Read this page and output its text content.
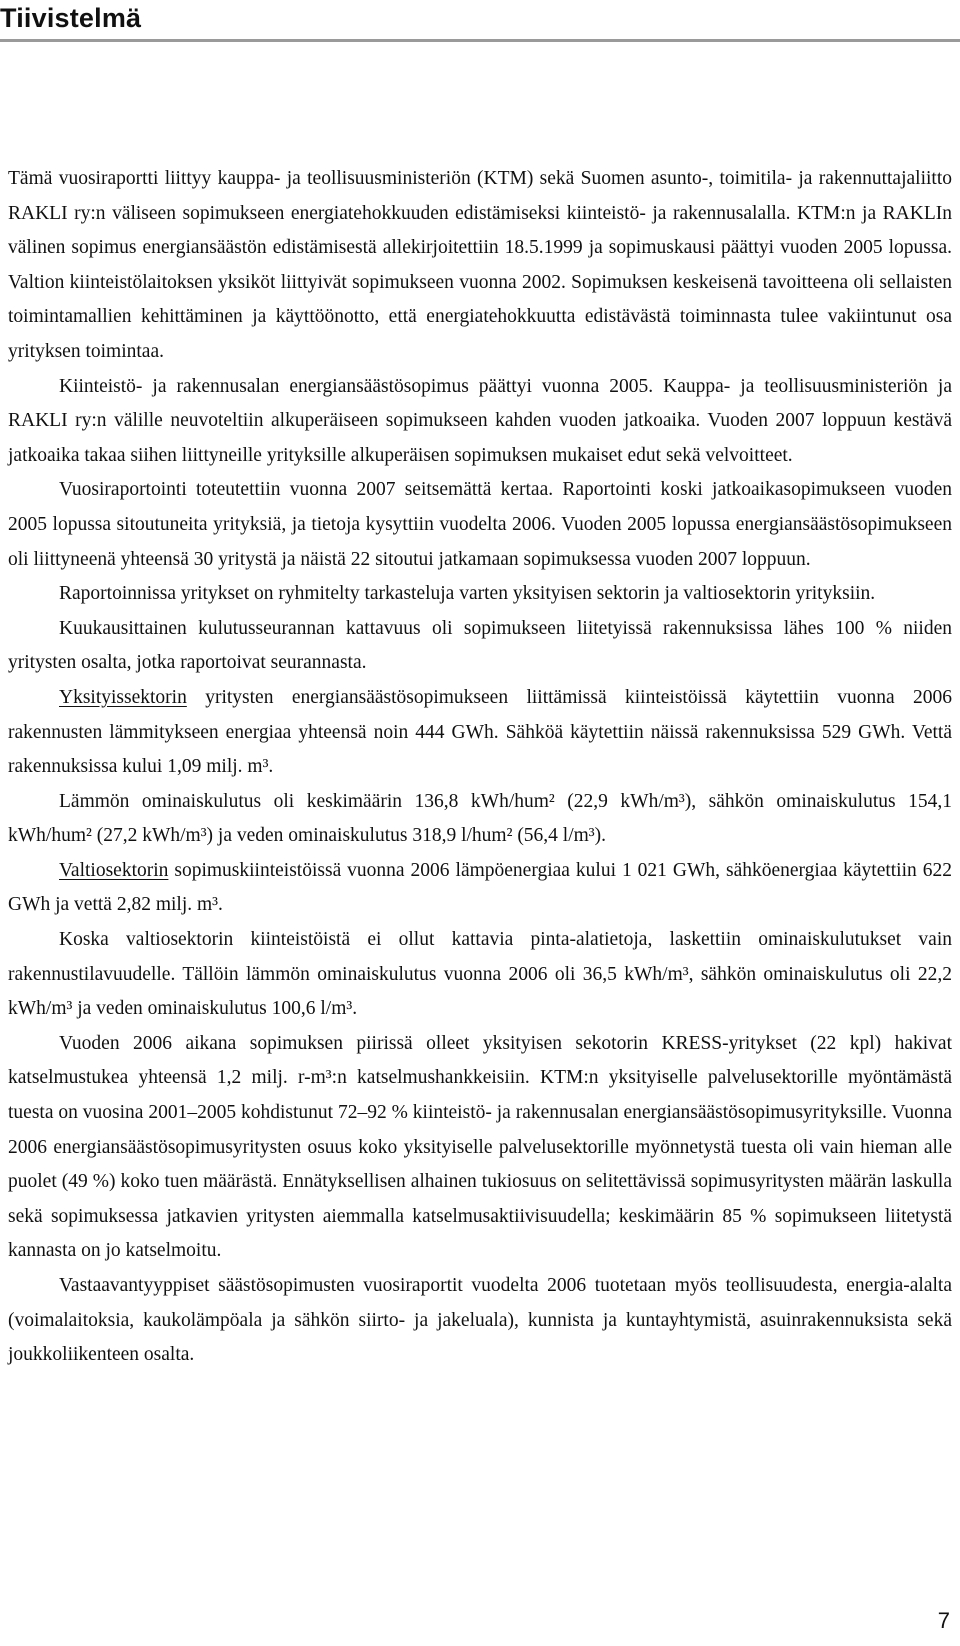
Tiivistelmä

Tämä vuosiraportti liittyy kauppa- ja teollisuusministeriön (KTM) sekä Suomen asunto-, toimitila- ja rakennuttajaliitto RAKLI ry:n väliseen sopimukseen energiatehokkuuden edistämiseksi kiinteistö- ja rakennusalalla. KTM:n ja RAKLIn välinen sopimus energiansäästön edistämisestä allekirjoitettiin 18.5.1999 ja sopimuskausi päättyi vuoden 2005 lopussa. Valtion kiinteistölaitoksen yksiköt liittyivät sopimukseen vuonna 2002. Sopimuksen keskeisenä tavoitteena oli sellaisten toimintamallien kehittäminen ja käyttöönotto, että energiatehokkuutta edistävästä toiminnasta tulee vakiintunut osa yrityksen toimintaa.

Kiinteistö- ja rakennusalan energiansäästösopimus päättyi vuonna 2005. Kauppa- ja teollisuusministeriön ja RAKLI ry:n välille neuvoteltiin alkuperäiseen sopimukseen kahden vuoden jatkoaika. Vuoden 2007 loppuun kestävä jatkoaika takaa siihen liittyneille yrityksille alkuperäisen sopimuksen mukaiset edut sekä velvoitteet.

Vuosiraportointi toteutettiin vuonna 2007 seitsemättä kertaa. Raportointi koski jatkoaikasopimukseen vuoden 2005 lopussa sitoutuneita yrityksiä, ja tietoja kysyttiin vuodelta 2006. Vuoden 2005 lopussa energiansäästösopimukseen oli liittyneenä yhteensä 30 yritystä ja näistä 22 sitoutui jatkamaan sopimuksessa vuoden 2007 loppuun.

Raportoinnissa yritykset on ryhmitelty tarkasteluja varten yksityisen sektorin ja valtiosektorin yrityksiin.

Kuukausittainen kulutusseurannan kattavuus oli sopimukseen liitetyissä rakennuksissa lähes 100 % niiden yritysten osalta, jotka raportoivat seurannasta.

Yksityissektorin yritysten energiansäästösopimukseen liittämissä kiinteistöissä käytettiin vuonna 2006 rakennusten lämmitykseen energiaa yhteensä noin 444 GWh. Sähköä käytettiin näissä rakennuksissa 529 GWh. Vettä rakennuksissa kului 1,09 milj. m³.

Lämmön ominaiskulutus oli keskimäärin 136,8 kWh/hum² (22,9 kWh/m³), sähkön ominaiskulutus 154,1 kWh/hum² (27,2 kWh/m³) ja veden ominaiskulutus 318,9 l/hum² (56,4 l/m³).

Valtiosektorin sopimuskiinteistöissä vuonna 2006 lämpöenergiaa kului 1 021 GWh, sähköenergiaa käytettiin 622 GWh ja vettä 2,82 milj. m³.

Koska valtiosektorin kiinteistöistä ei ollut kattavia pinta-alatietoja, laskettiin ominaiskulutukset vain rakennustilavuudelle. Tällöin lämmön ominaiskulutus vuonna 2006 oli 36,5 kWh/m³, sähkön ominaiskulutus oli 22,2 kWh/m³ ja veden ominaiskulutus 100,6 l/m³.

Vuoden 2006 aikana sopimuksen piirissä olleet yksityisen sekotorin KRESS-yritykset (22 kpl) hakivat katselmustukea yhteensä 1,2 milj. r-m³:n katselmushankkeisiin. KTM:n yksityiselle palvelusektorille myöntämästä tuesta on vuosina 2001–2005 kohdistunut 72–92 % kiinteistö- ja rakennusalan energiansäästösopimusyrityksille. Vuonna 2006 energiansäästösopimusyritysten osuus koko yksityiselle palvelusektorille myönnetystä tuesta oli vain hieman alle puolet (49 %) koko tuen määrästä. Ennätyksellisen alhainen tukiosuus on selitettävissä sopimusyritysten määrän laskulla sekä sopimuksessa jatkavien yritysten aiemmalla katselmusaktiivisuudella; keskimäärin 85 % sopimukseen liitetystä kannasta on jo katselmoitu.

Vastaavantyyppiset säästösopimusten vuosiraportit vuodelta 2006 tuotetaan myös teollisuudesta, energia-alalta (voimalaitoksia, kaukolämpöala ja sähkön siirto- ja jakeluala), kunnista ja kuntayhtymistä, asuinrakennuksista sekä joukkoliikenteen osalta.

7
